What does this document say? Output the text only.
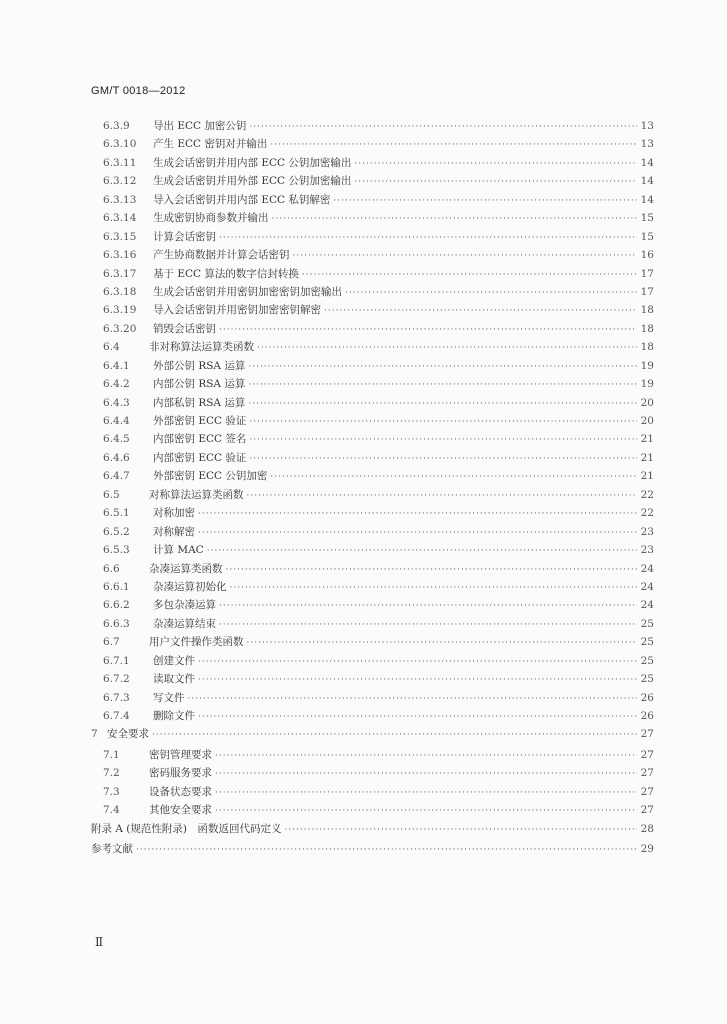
GM/T 0018—2012
6.3.9	导出 ECC 加密公钥 ·····	13
6.3.10	产生 ECC 密钥对并输出 ·····	13
6.3.11	生成会话密钥并用内部 ECC 公钥加密输出 ·····	14
6.3.12	生成会话密钥并用外部 ECC 公钥加密输出 ·····	14
6.3.13	导入会话密钥并用内部 ECC 私钥解密 ·····	14
6.3.14	生成密钥协商参数并输出 ·····	15
6.3.15	计算会话密钥 ·····	15
6.3.16	产生协商数据并计算会话密钥 ·····	16
6.3.17	基于 ECC 算法的数字信封转换 ·····	17
6.3.18	生成会话密钥并用密钥加密密钥加密输出 ·····	17
6.3.19	导入会话密钥并用密钥加密密钥解密 ·····	18
6.3.20	销毁会话密钥 ·····	18
6.4	非对称算法运算类函数 ·····	18
6.4.1	外部公钥 RSA 运算 ·····	19
6.4.2	内部公钥 RSA 运算 ·····	19
6.4.3	内部私钥 RSA 运算 ·····	20
6.4.4	外部密钥 ECC 验证 ·····	20
6.4.5	内部密钥 ECC 签名 ·····	21
6.4.6	内部密钥 ECC 验证 ·····	21
6.4.7	外部密钥 ECC 公钥加密 ·····	21
6.5	对称算法运算类函数 ·····	22
6.5.1	对称加密 ·····	22
6.5.2	对称解密 ·····	23
6.5.3	计算 MAC ·····	23
6.6	杂凑运算类函数 ·····	24
6.6.1	杂凑运算初始化 ·····	24
6.6.2	多包杂凑运算 ·····	24
6.6.3	杂凑运算结束 ·····	25
6.7	用户文件操作类函数 ·····	25
6.7.1	创建文件 ·····	25
6.7.2	读取文件 ·····	25
6.7.3	写文件 ·····	26
6.7.4	删除文件 ·····	26
7 安全要求 ·····	27
7.1	密钥管理要求 ·····	27
7.2	密码服务要求 ·····	27
7.3	设备状态要求 ·····	27
7.4	其他安全要求 ·····	27
附录 A (规范性附录)　函数返回代码定义 ·····	28
参考文献 ·····	29
Ⅱ
